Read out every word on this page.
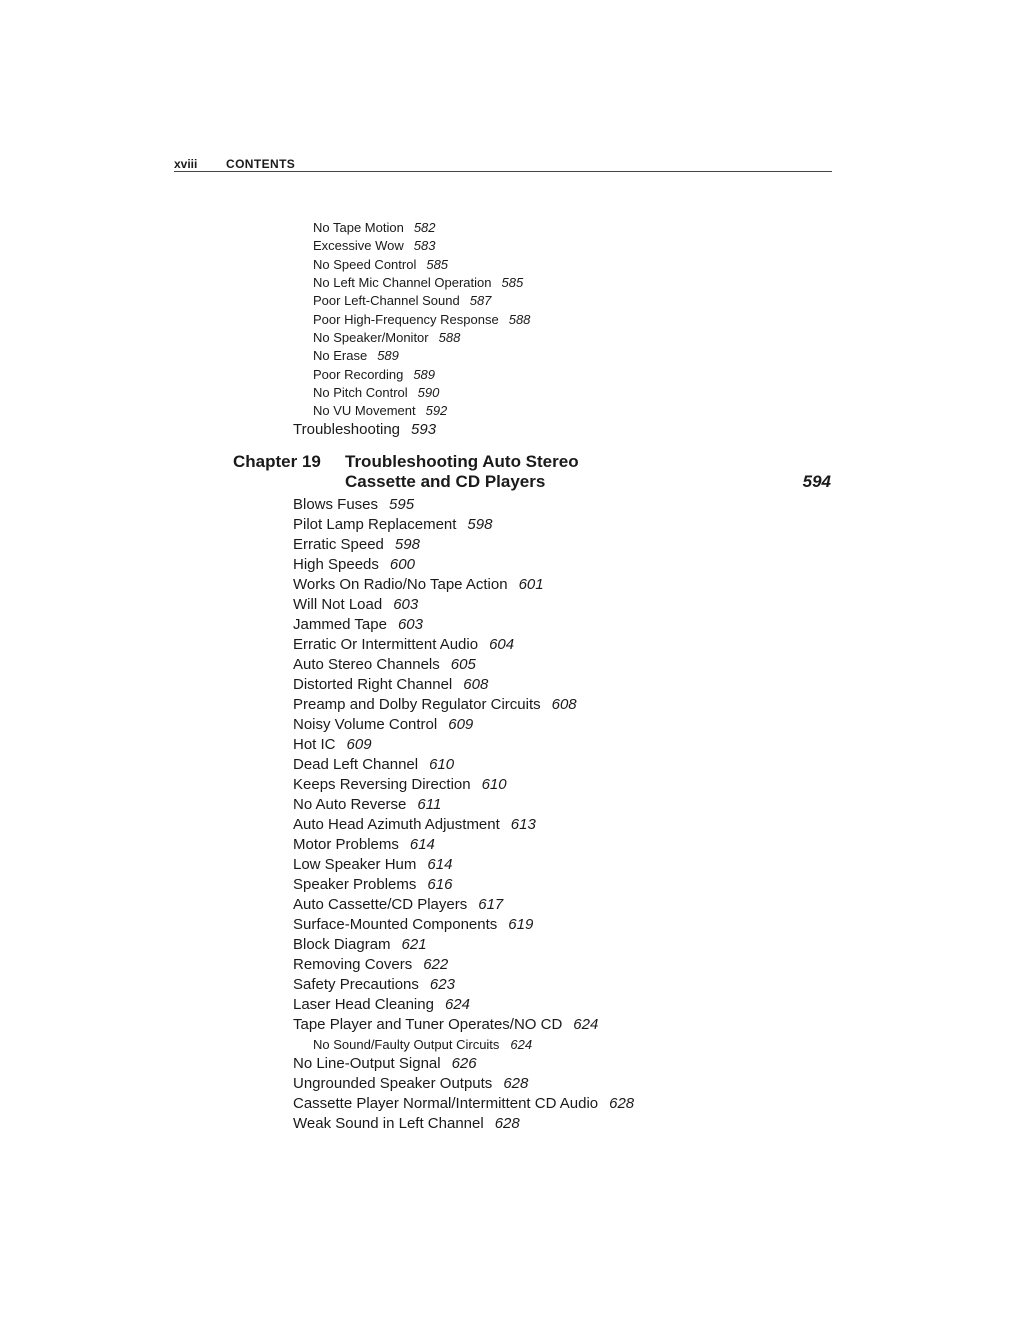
xviii CONTENTS
No Tape Motion 582
Excessive Wow 583
No Speed Control 585
No Left Mic Channel Operation 585
Poor Left-Channel Sound 587
Poor High-Frequency Response 588
No Speaker/Monitor 588
No Erase 589
Poor Recording 589
No Pitch Control 590
No VU Movement 592
Troubleshooting 593
Chapter 19 Troubleshooting Auto Stereo
Cassette and CD Players	594
Blows Fuses 595
Pilot Lamp Replacement 598
Erratic Speed 598
High Speeds 600
Works On Radio/No Tape Action 601
Will Not Load 603
Jammed Tape 603
Erratic Or Intermittent Audio 604
Auto Stereo Channels 605
Distorted Right Channel 608
Preamp and Dolby Regulator Circuits 608
Noisy Volume Control 609
Hot IC 609
Dead Left Channel 610
Keeps Reversing Direction 610
No Auto Reverse 611
Auto Head Azimuth Adjustment 613
Motor Problems 614
Low Speaker Hum 614
Speaker Problems 616
Auto Cassette/CD Players 617
Surface-Mounted Components 619
Block Diagram 621
Removing Covers 622
Safety Precautions 623
Laser Head Cleaning 624
Tape Player and Tuner Operates/NO CD 624
No Sound/Faulty Output Circuits 624
No Line-Output Signal 626
Ungrounded Speaker Outputs 628
Cassette Player Normal/Intermittent CD Audio 628
Weak Sound in Left Channel 628
